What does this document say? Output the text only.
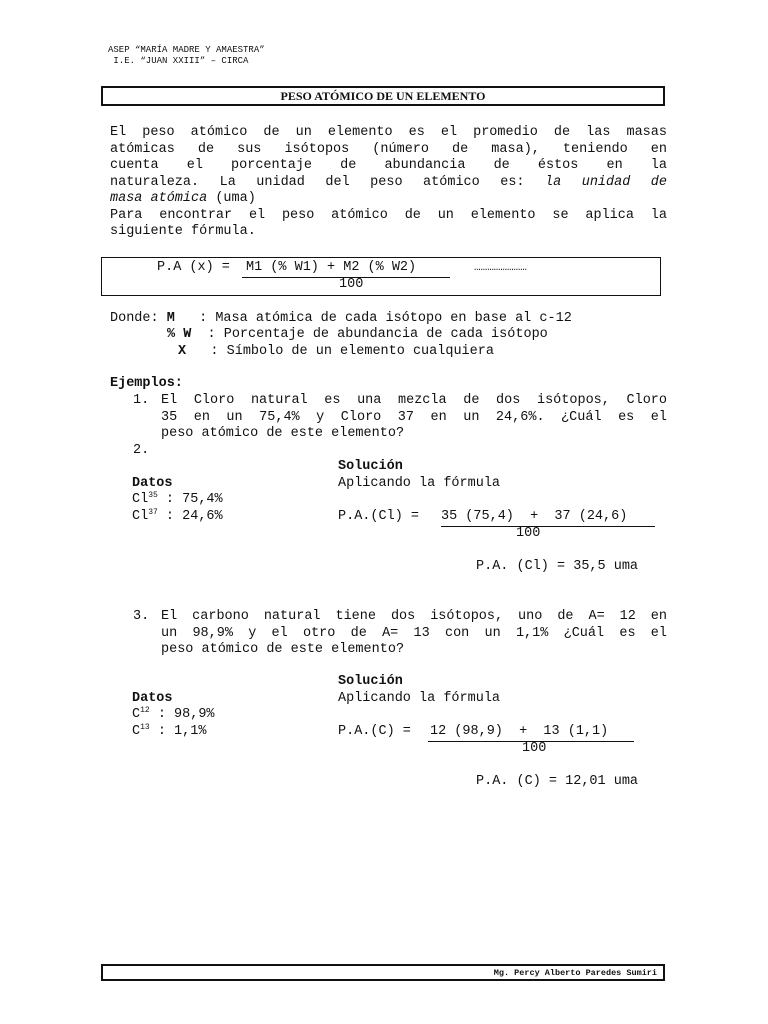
ASEP “MARÍA MADRE Y AMAESTRA”
I.E. “JUAN XXIII” – CIRCA
PESO ATÓMICO DE UN ELEMENTO
El peso atómico de un elemento es el promedio de las masas
atómicas de sus isótopos (número de masa), teniendo en
cuenta el porcentaje de abundancia de éstos en la
naturaleza. La unidad del peso atómico es: la unidad de
masa atómica (uma)
Para encontrar el peso atómico de un elemento se aplica la
siguiente fórmula.
P.A (x) = M1 (% W1) + M2 (% W2)	……………………
100
Donde: M   : Masa atómica de cada isótopo en base al c-12
% W  : Porcentaje de abundancia de cada isótopo
X   : Símbolo de un elemento cualquiera
Ejemplos:
1. El Cloro natural es una mezcla de dos isótopos, Cloro
35 en un 75,4% y Cloro 37 en un 24,6%. ¿Cuál es el
peso atómico de este elemento?
2.
Solución
Datos	Aplicando la fórmula
Cl$^{35}$ : 75,4%
Cl$^{37}$ : 24,6%	P.A.(Cl) = 35 (75,4)  +  37 (24,6)
100
P.A. (Cl) = 35,5 uma
3. El carbono natural tiene dos isótopos, uno de A= 12 en
un 98,9% y el otro de A= 13 con un 1,1% ¿Cuál es el
peso atómico de este elemento?
Solución
Datos	Aplicando la fórmula
$C^{12}$ : 98,9%
$C^{13}$ : 1,1%	P.A.(C) = 12 (98,9)  +  13 (1,1)
100
P.A. (C) = 12,01 uma
Mg. Percy Alberto Paredes Sumiri
